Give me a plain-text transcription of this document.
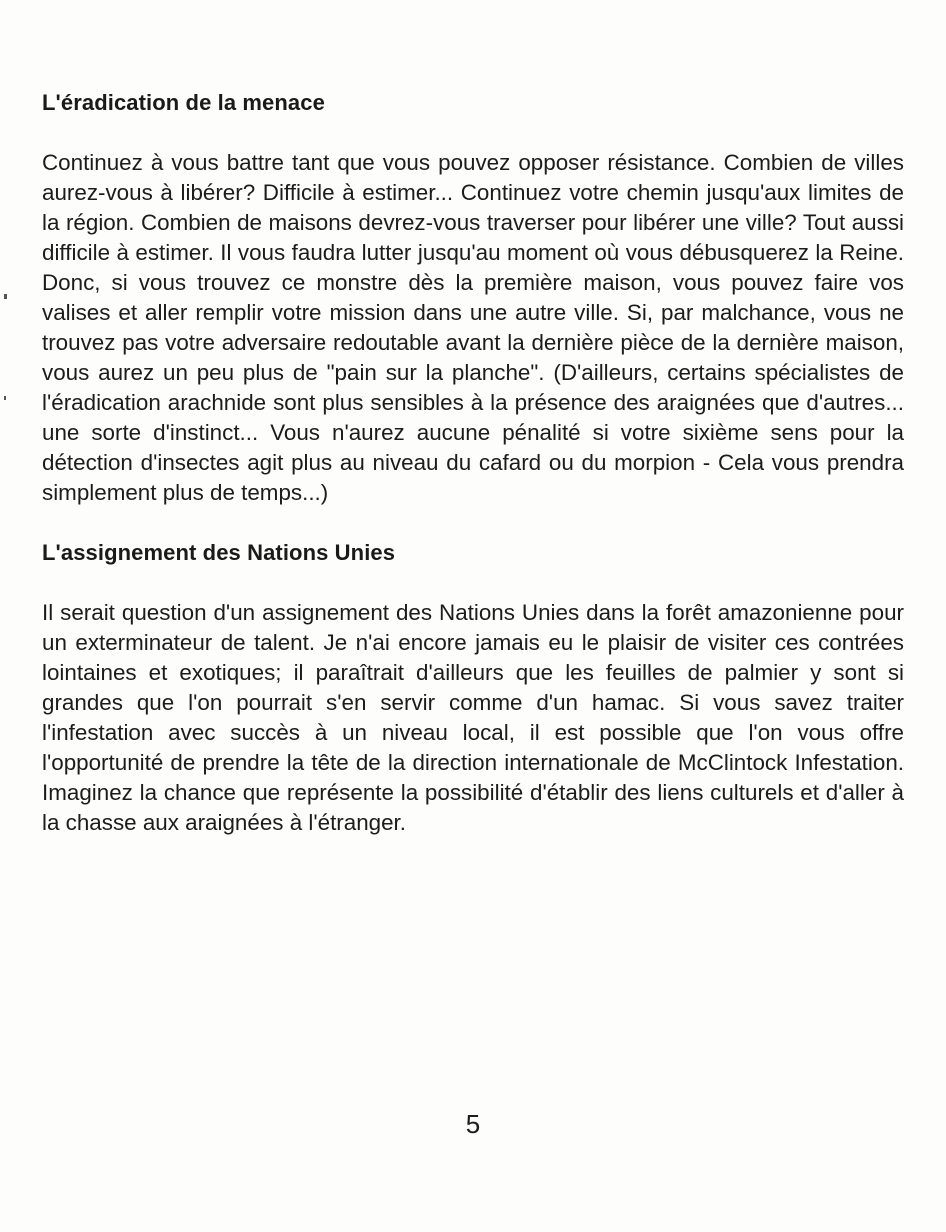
L'éradication de la menace

Continuez à vous battre tant que vous pouvez opposer résistance. Combien de villes aurez-vous à libérer? Difficile à estimer... Continuez votre chemin jusqu'aux limites de la région. Combien de maisons devrez-vous traverser pour libérer une ville? Tout aussi difficile à estimer. Il vous faudra lutter jusqu'au moment où vous débusquerez la Reine. Donc, si vous trouvez ce monstre dès la première maison, vous pouvez faire vos valises et aller remplir votre mission dans une autre ville. Si, par malchance, vous ne trouvez pas votre adversaire redoutable avant la dernière pièce de la dernière maison, vous aurez un peu plus de "pain sur la planche". (D'ailleurs, certains spécialistes de l'éradication arachnide sont plus sensibles à la présence des araignées que d'autres... une sorte d'instinct... Vous n'aurez aucune pénalité si votre sixième sens pour la détection d'insectes agit plus au niveau du cafard ou du morpion - Cela vous prendra simplement plus de temps...)

L'assignement des Nations Unies

Il serait question d'un assignement des Nations Unies dans la forêt amazonienne pour un exterminateur de talent. Je n'ai encore jamais eu le plaisir de visiter ces contrées lointaines et exotiques; il paraîtrait d'ailleurs que les feuilles de palmier y sont si grandes que l'on pourrait s'en servir comme d'un hamac. Si vous savez traiter l'infestation avec succès à un niveau local, il est possible que l'on vous offre l'opportunité de prendre la tête de la direction internationale de McClintock Infestation. Imaginez la chance que représente la possibilité d'établir des liens culturels et d'aller à la chasse aux araignées à l'étranger.

5
